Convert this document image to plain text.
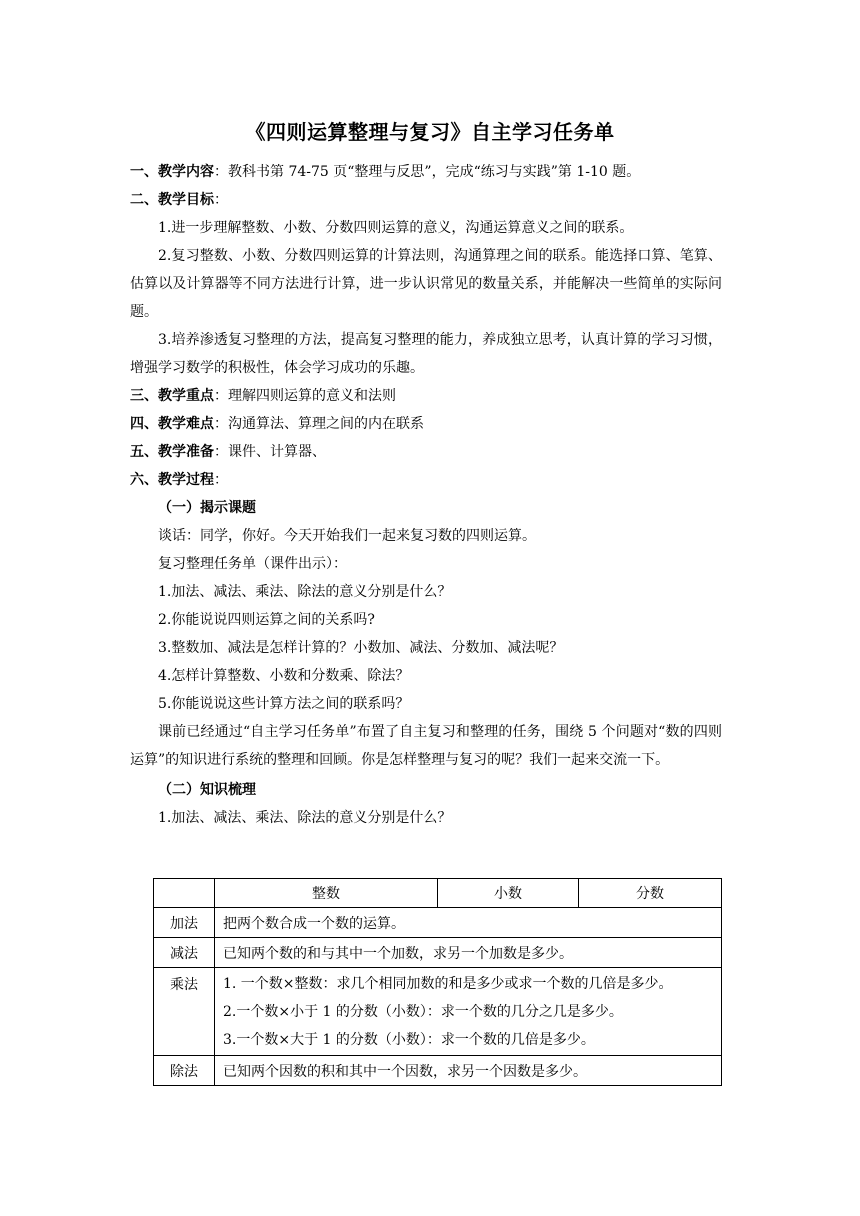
《四则运算整理与复习》自主学习任务单
一、教学内容：教科书第 74-75 页“整理与反思”，完成“练习与实践”第 1-10 题。
二、教学目标：

1.进一步理解整数、小数、分数四则运算的意义，沟通运算意义之间的联系。

2.复习整数、小数、分数四则运算的计算法则，沟通算理之间的联系。能选择口算、笔算、估算以及计算器等不同方法进行计算，进一步认识常见的数量关系，并能解决一些简单的实际问题。

3.培养渗透复习整理的方法，提高复习整理的能力，养成独立思考，认真计算的学习习惯，增强学习数学的积极性，体会学习成功的乐趣。

三、教学重点：理解四则运算的意义和法则
四、教学难点：沟通算法、算理之间的内在联系
五、教学准备：课件、计算器、
六、教学过程：
（一）揭示课题
谈话：同学，你好。今天开始我们一起来复习数的四则运算。
复习整理任务单（课件出示）：
1.加法、减法、乘法、除法的意义分别是什么？
2.你能说说四则运算之间的关系吗?
3.整数加、减法是怎样计算的？小数加、减法、分数加、减法呢？
4.怎样计算整数、小数和分数乘、除法？
5.你能说说这些计算方法之间的联系吗？

课前已经通过“自主学习任务单”布置了自主复习和整理的任务，围绕 5 个问题对“数的四则运算”的知识进行系统的整理和回顾。你是怎样整理与复习的呢？我们一起来交流一下。

（二）知识梳理
1.加法、减法、乘法、除法的意义分别是什么？
	整数	小数	分数
加法	把两个数合成一个数的运算。		
减法	已知两个数的和与其中一个加数，求另一个加数是多少。		
乘法	1. 一个数×整数：求几个相同加数的和是多少或求一个数的几倍是多少。
2.一个数×小于 1 的分数（小数）：求一个数的几分之几是多少。
3.一个数×大于 1 的分数（小数）：求一个数的几倍是多少。		

除法	已知两个因数的积和其中一个因数，求另一个因数是多少。		
